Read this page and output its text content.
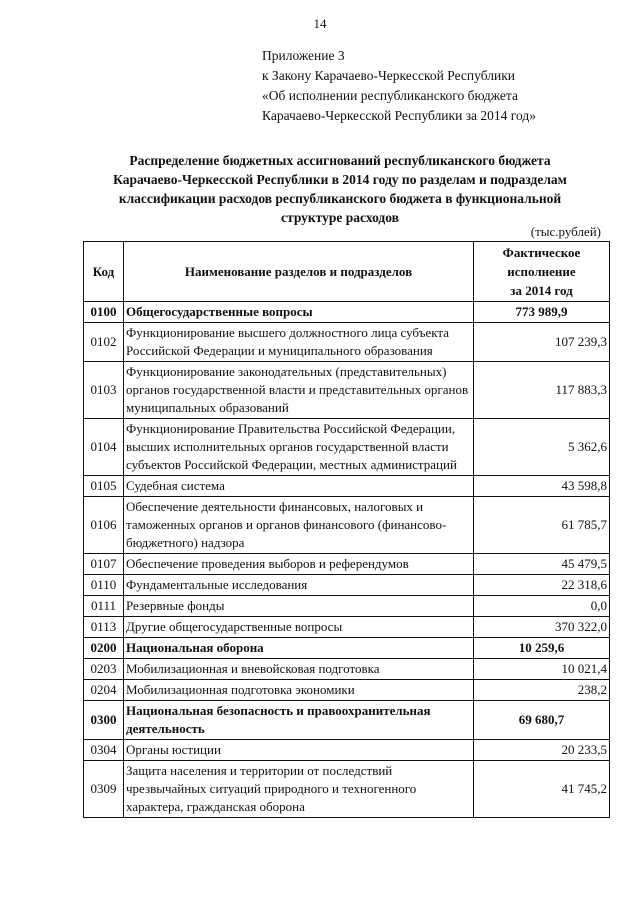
14
Приложение 3
к Закону Карачаево-Черкесской Республики
«Об исполнении республиканского бюджета
Карачаево-Черкесской Республики за 2014 год»
Распределение бюджетных ассигнований республиканского бюджета
Карачаево-Черкесской Республики в 2014 году по разделам и подразделам
классификации расходов республиканского бюджета в функциональной
структуре расходов
(тыс.рублей)
Код	Наименование разделов и подразделов	Фактическое
исполнение
за 2014 год

0100	Общегосударственные вопросы	773 989,9
0102	Функционирование высшего должностного лица субъекта Российской Федерации и муниципального образования	107 239,3
0103	Функционирование законодательных (представительных) органов государственной власти и представительных органов муниципальных образований	117 883,3
0104	Функционирование Правительства Российской Федерации, высших исполнительных органов государственной власти субъектов Российской Федерации, местных администраций	5 362,6
0105	Судебная система	43 598,8
0106	Обеспечение деятельности финансовых, налоговых и таможенных органов и органов финансового (финансово-бюджетного) надзора	61 785,7
0107	Обеспечение проведения выборов и референдумов	45 479,5
0110	Фундаментальные исследования	22 318,6
0111	Резервные фонды	0,0
0113	Другие общегосударственные вопросы	370 322,0
0200	Национальная оборона	10 259,6
0203	Мобилизационная и вневойсковая подготовка	10 021,4
0204	Мобилизационная подготовка экономики	238,2
0300	Национальная безопасность и правоохранительная деятельность	69 680,7
0304	Органы юстиции	20 233,5
0309	Защита населения и территории от последствий чрезвычайных ситуаций природного и техногенного характера, гражданская оборона	41 745,2
